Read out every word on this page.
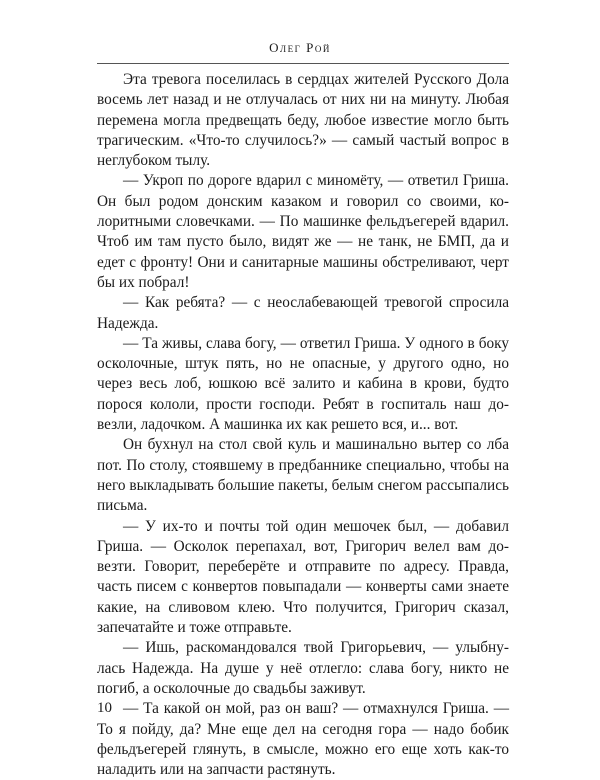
Олег Рой

Эта тревога поселилась в сердцах жителей Русского Дола восемь лет назад и не отлучалась от них ни на минуту. Любая перемена могла предвещать беду, любое известие могло быть трагическим. «Что-то случилось?» — самый частый вопрос в неглубоком тылу.

— Укроп по дороге вдарил с миномёту, — ответил Гриша. Он был родом донским казаком и говорил со своими, колоритными словечками. — По машинке фельдъегерей вдарил. Чтоб им там пусто было, видят же — не танк, не БМП, да и едет с фронту! Они и санитарные машины обстреливают, черт бы их побрал!

— Как ребята? — с неослабевающей тревогой спросила Надежда.

— Та живы, слава богу, — ответил Гриша. У одного в боку осколочные, штук пять, но не опасные, у другого одно, но через весь лоб, юшкою всё залито и кабина в крови, будто порося кололи, прости господи. Ребят в госпиталь наш довезли, ладочком. А машинка их как решето вся, и... вот.

Он бухнул на стол свой куль и машинально вытер со лба пот. По столу, стоявшему в предбаннике специально, чтобы на него выкладывать большие пакеты, белым снегом рассыпались письма.

— У их-то и почты той один мешочек был, — добавил Гриша. — Осколок перепахал, вот, Григорич велел вам довезти. Говорит, переберёте и отправите по адресу. Правда, часть писем с конвертов повыпадали — конверты сами знаете какие, на сливовом клею. Что получится, Григорич сказал, запечатайте и тоже отправьте.

— Ишь, раскомандовался твой Григорьевич, — улыбнулась Надежда. На душе у неё отлегло: слава богу, никто не погиб, а осколочные до свадьбы заживут.

— Та какой он мой, раз он ваш? — отмахнулся Гриша. — То я пойду, да? Мне еще дел на сегодня гора — надо бобик фельдъегерей глянуть, в смысле, можно его еще хоть как-то наладить или на запчасти растянуть.

10
